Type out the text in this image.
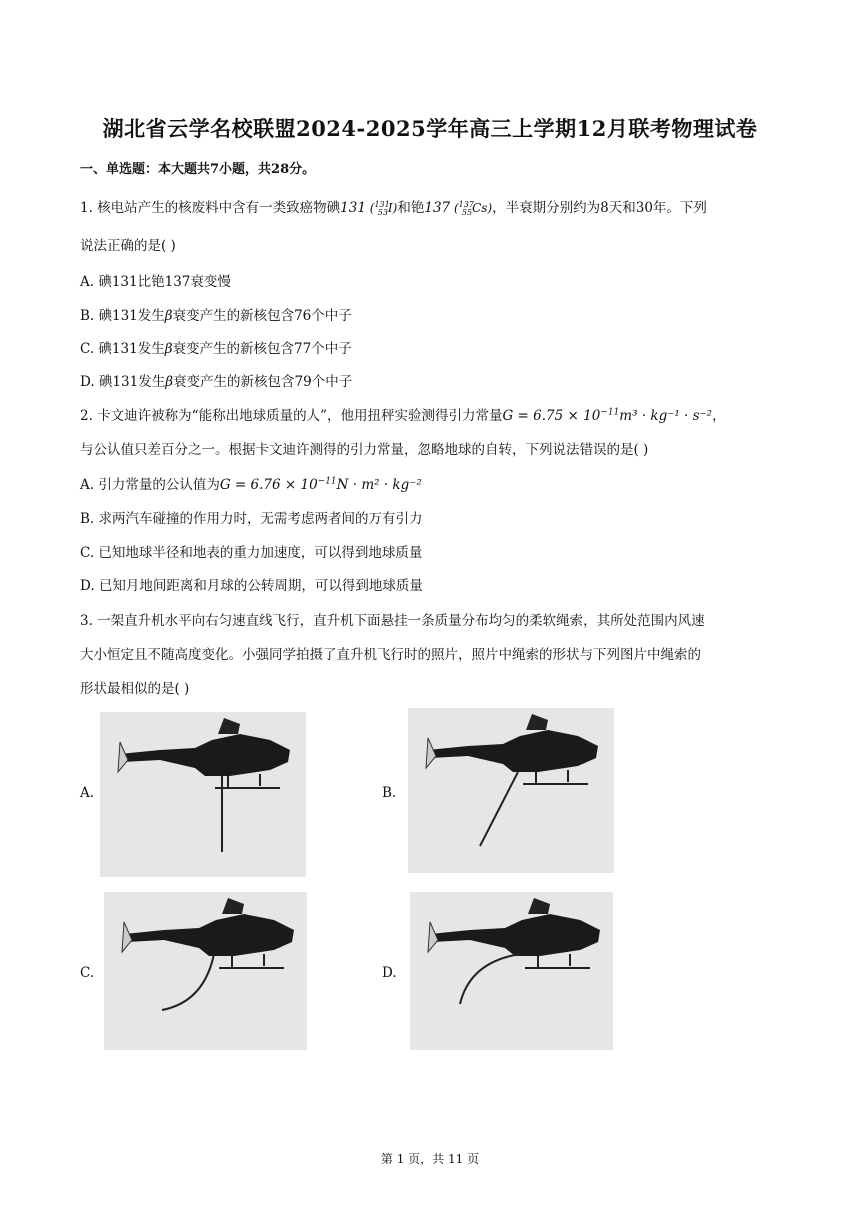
湖北省云学名校联盟2024-2025学年高三上学期12月联考物理试卷
一、单选题：本大题共7小题，共28分。
1. 核电站产生的核废料中含有一类致癌物碘131 ($^{131}_{53}$I)和铯137 ($^{137}_{55}$Cs)，半衰期分别约为8天和30年。下列
说法正确的是( )
A. 碘131比铯137衰变慢
B. 碘131发生β衰变产生的新核包含76个中子
C. 碘131发生β衰变产生的新核包含77个中子
D. 碘131发生β衰变产生的新核包含79个中子
2. 卡文迪许被称为“能称出地球质量的人”，他用扭秤实验测得引力常量$G = 6.75 \times 10^{-11}m^3 \cdot kg^{-1} \cdot s^{-2}$，
与公认值只差百分之一。根据卡文迪许测得的引力常量，忽略地球的自转，下列说法错误的是( )
A. 引力常量的公认值为$G = 6.76 \times 10^{-11}N \cdot m^2 \cdot kg^{-2}$
B. 求两汽车碰撞的作用力时，无需考虑两者间的万有引力
C. 已知地球半径和地表的重力加速度，可以得到地球质量
D. 已知月地间距离和月球的公转周期，可以得到地球质量
3. 一架直升机水平向右匀速直线飞行，直升机下面悬挂一条质量分布均匀的柔软绳索，其所处范围内风速
大小恒定且不随高度变化。小强同学拍摄了直升机飞行时的照片，照片中绳索的形状与下列图片中绳索的
形状最相似的是( )
A.	B.
C.	D.
第 1 页，共 11 页
